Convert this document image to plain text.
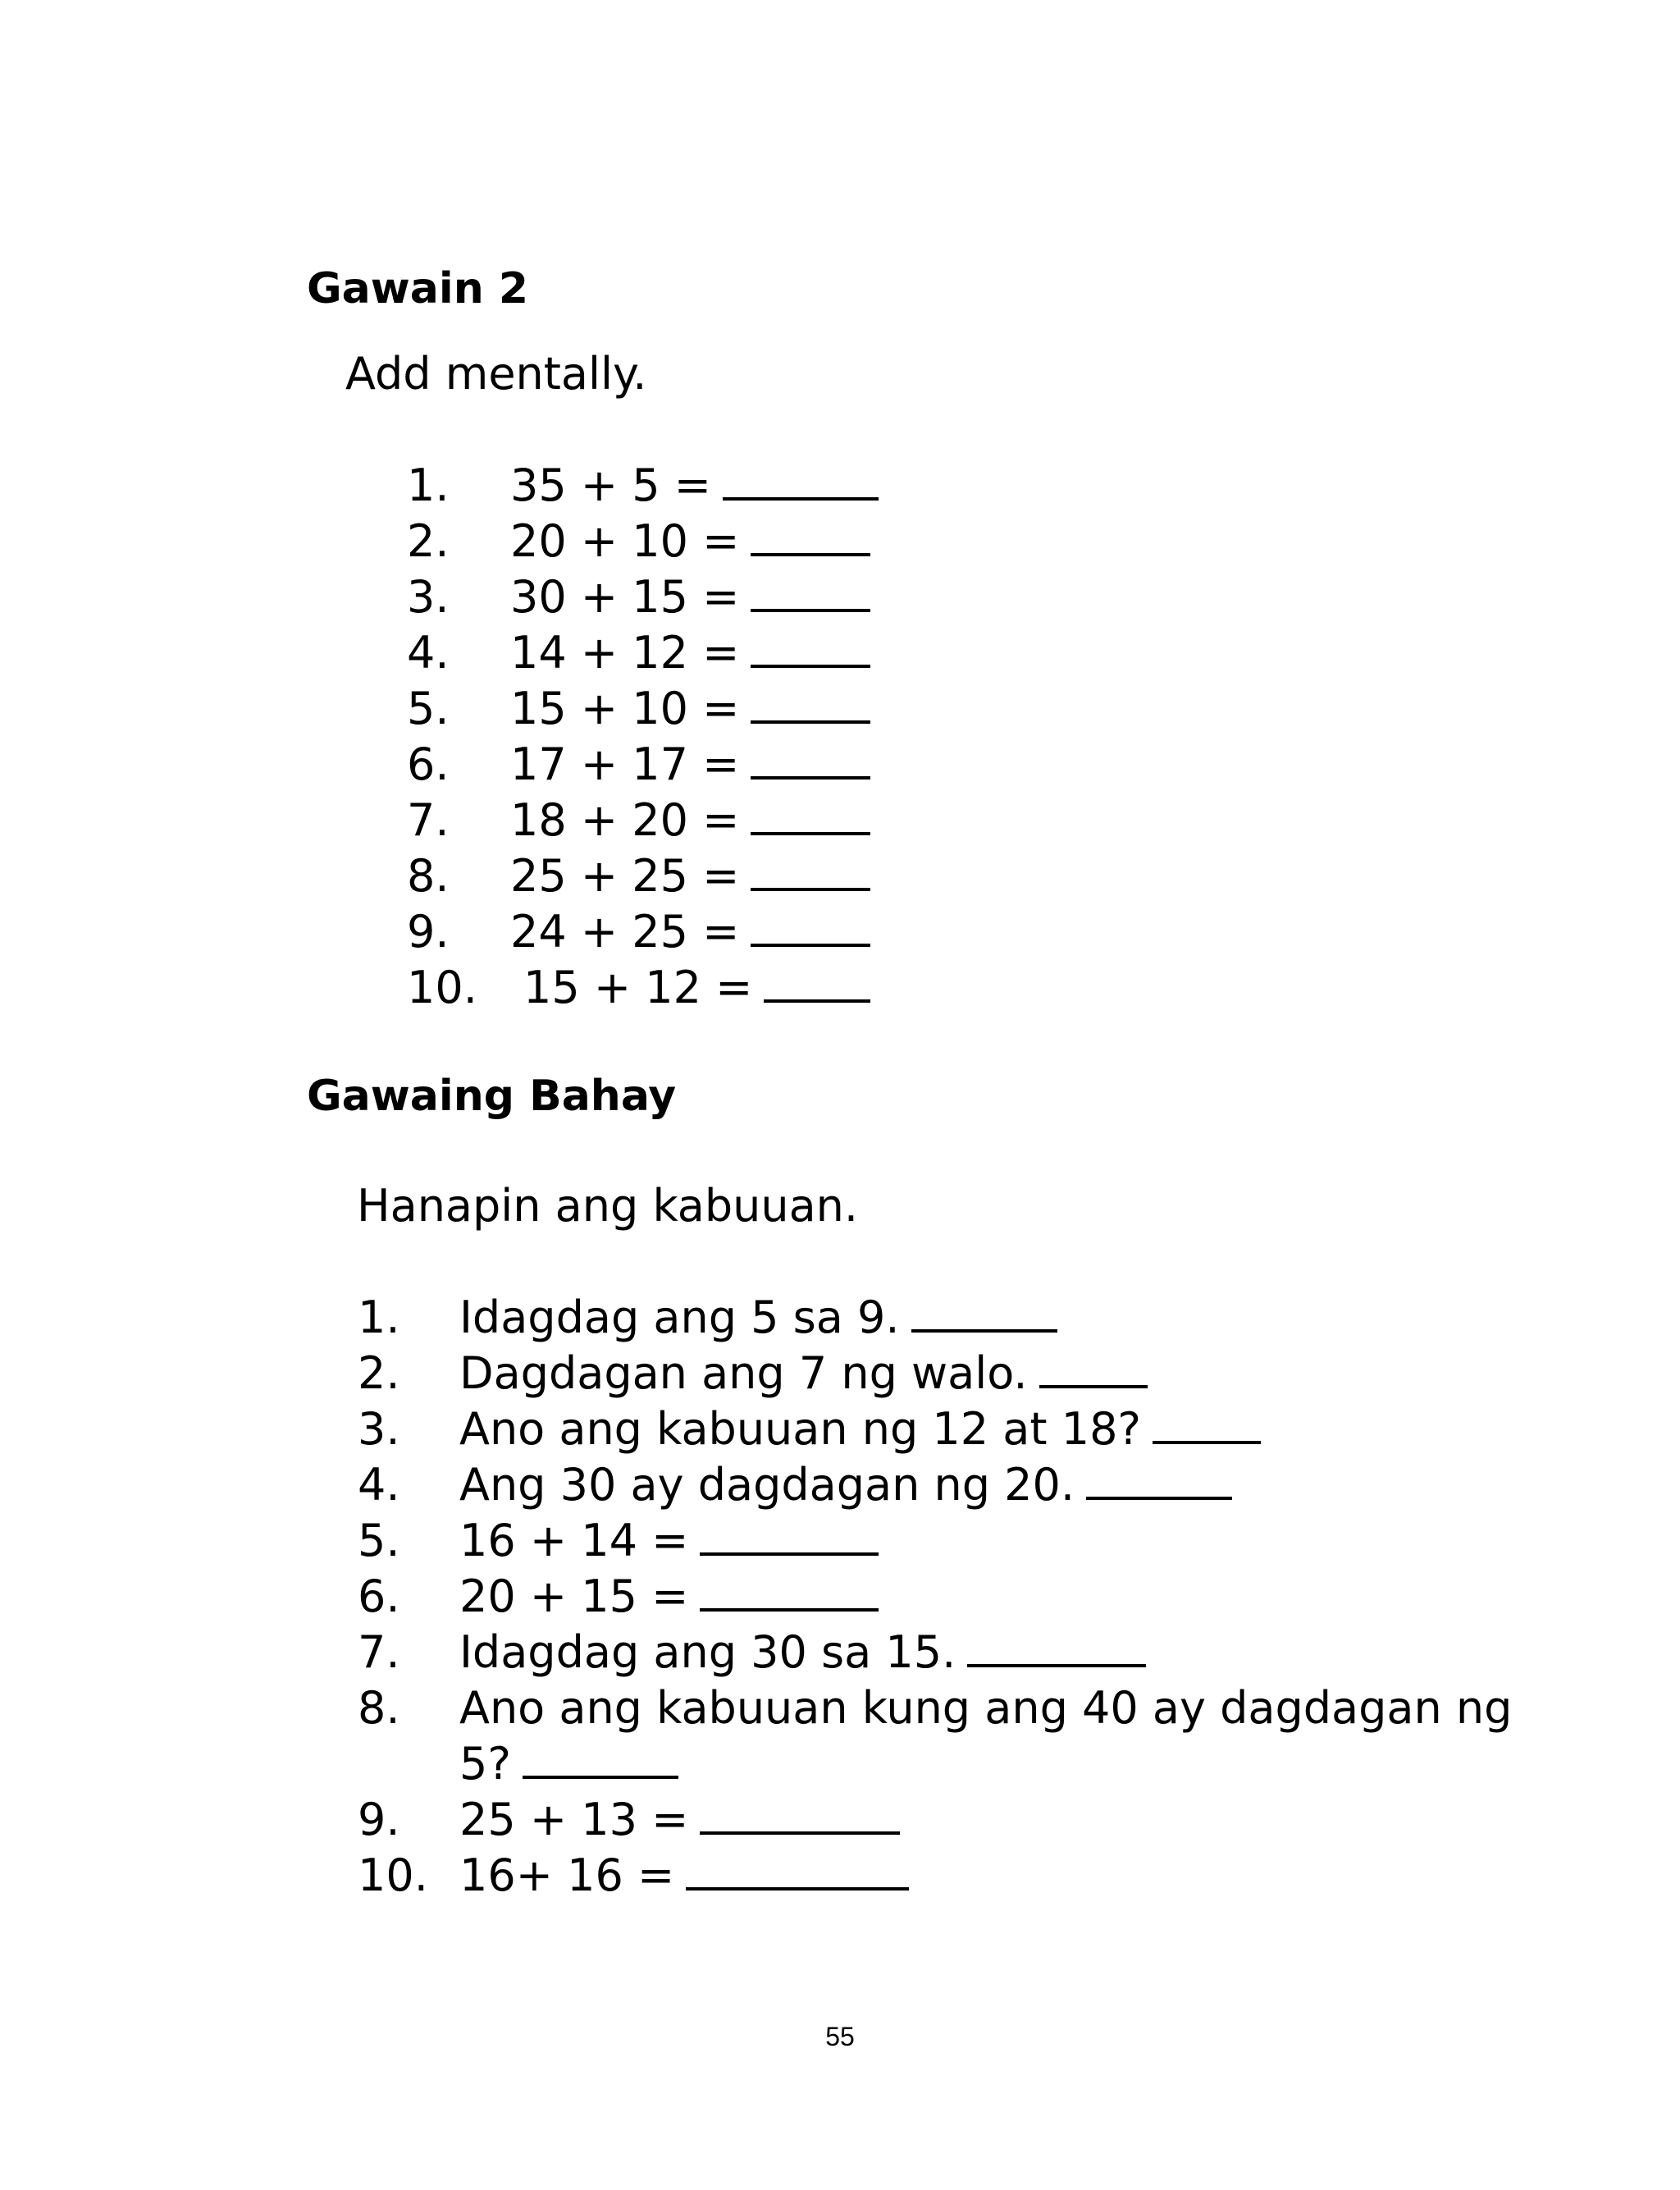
Gawain 2

Add mentally.

1. 35 + 5 =
2. 20 + 10 =
3. 30 + 15 =
4. 14 + 12 =
5. 15 + 10 =
6. 17 + 17 =
7. 18 + 20 =
8. 25 + 25 =
9. 24 + 25 =
10. 15 + 12 =
Gawaing Bahay

Hanapin ang kabuuan.

1. Idagdag ang 5 sa 9.
2. Dagdagan ang 7 ng walo.
3. Ano ang kabuuan ng 12 at 18?
4. Ang 30 ay dagdagan ng 20.
5. 16 + 14 =
6. 20 + 15 =
7. Idagdag ang 30 sa 15.
8. Ano ang kabuuan kung ang 40 ay dagdagan ng 5?
9. 25 + 13 =
10. 16+ 16 =
55
